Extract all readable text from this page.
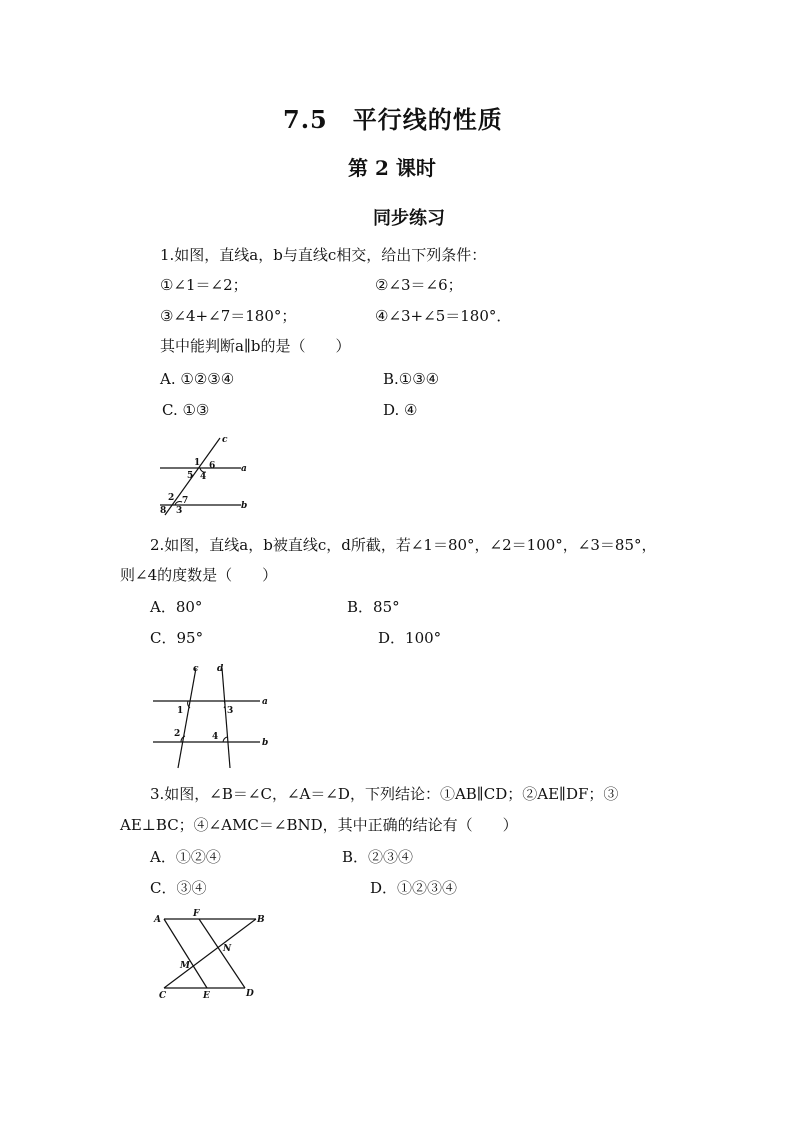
7.5　平行线的性质
第 2 课时
同步练习
1.如图，直线a，b与直线c相交，给出下列条件：
①∠1＝∠2；	②∠3＝∠6；
③∠4+∠7＝180°；	④∠3+∠5＝180°．
其中能判断a∥b的是（　　）
A. ①②③④	B.①③④
C. ①③	D. ④
c
a
b
1 6
5 4
2 7
8 3
2.如图，直线a，b被直线c，d所截，若∠1＝80°，∠2＝100°，∠3＝85°，
则∠4的度数是（　　）
A．80°	B．85°
C．95°	D．100°
c d
a
b
1	3
2	4
3.如图，∠B＝∠C，∠A＝∠D，下列结论：①AB∥CD；②AE∥DF；③
AE⊥BC；④∠AMC＝∠BND，其中正确的结论有（　　）
A．①②④	B．②③④
C．③④	D．①②③④
A
F
B
N
M
C	E	D
